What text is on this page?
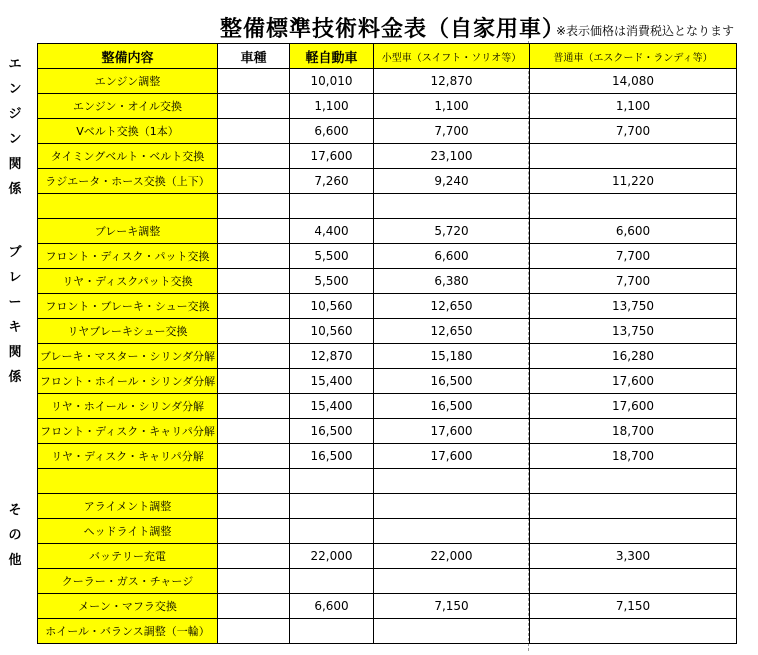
整備標準技術料金表（自家用車）
※表示価格は消費税込となります
エ
ン
ジ
ン
関
係
ブ
レ
ー
キ
関
係
そ
の
他
整備内容	車種	軽自動車	小型車（スイフト・ソリオ等）	普通車（エスクード・ランディ等）
エンジン調整		10,010	12,870	14,080
エンジン・オイル交換		1,100	1,100	1,100
Vベルト交換（1本）		6,600	7,700	7,700
タイミングベルト・ベルト交換		17,600	23,100	
ラジエータ・ホース交換（上下）		7,260	9,240	11,220

ブレーキ調整		4,400	5,720	6,600
フロント・ディスク・パット交換		5,500	6,600	7,700
リヤ・ディスクパット交換		5,500	6,380	7,700
フロント・ブレーキ・シュー交換		10,560	12,650	13,750
リヤブレーキシュー交換		10,560	12,650	13,750
ブレーキ・マスター・シリンダ分解		12,870	15,180	16,280
フロント・ホイール・シリンダ分解		15,400	16,500	17,600
リヤ・ホイール・シリンダ分解		15,400	16,500	17,600
フロント・ディスク・キャリパ分解		16,500	17,600	18,700
リヤ・ディスク・キャリパ分解		16,500	17,600	18,700

アライメント調整				
ヘッドライト調整				
バッテリー充電		22,000	22,000	3,300
クーラー・ガス・チャージ				
メーン・マフラ交換		6,600	7,150	7,150
ホイール・バランス調整（一輪）				
